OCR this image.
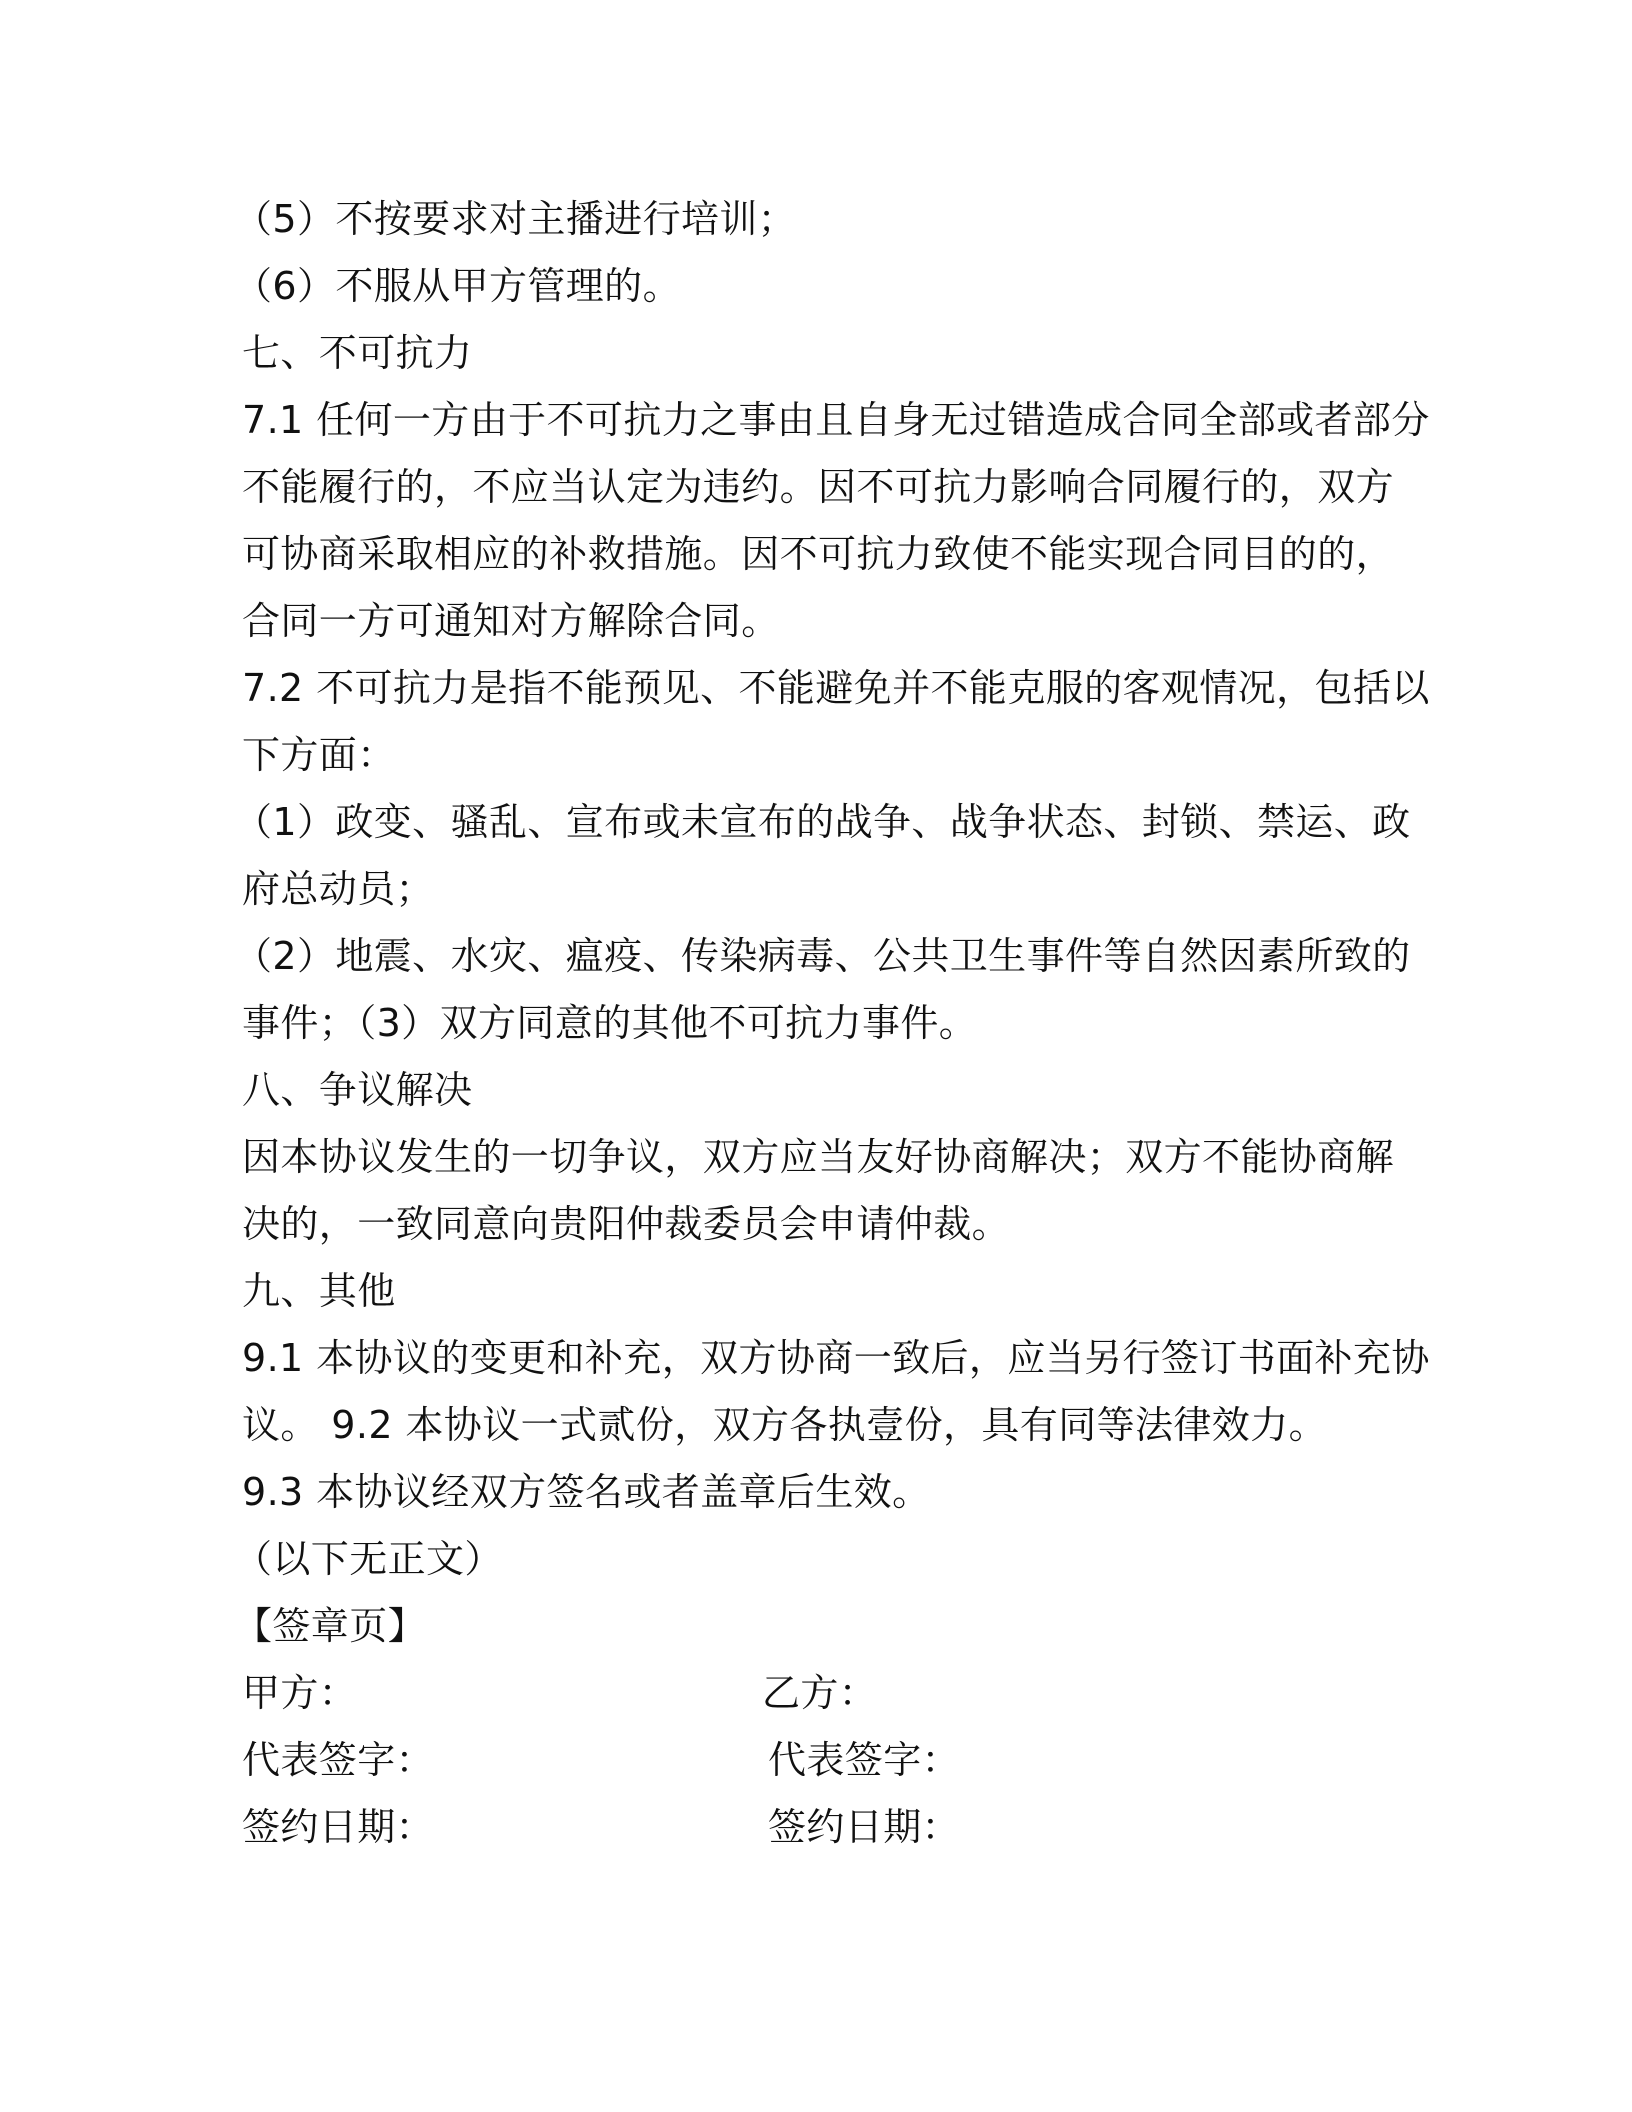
（5）不按要求对主播进行培训；
（6）不服从甲方管理的。
七、不可抗力
7.1 任何一方由于不可抗力之事由且自身无过错造成合同全部或者部分
不能履行的，不应当认定为违约。因不可抗力影响合同履行的，双方
可协商采取相应的补救措施。因不可抗力致使不能实现合同目的的，
合同一方可通知对方解除合同。
7.2 不可抗力是指不能预见、不能避免并不能克服的客观情况，包括以
下方面：
（1）政变、骚乱、宣布或未宣布的战争、战争状态、封锁、禁运、政
府总动员；
（2）地震、水灾、瘟疫、传染病毒、公共卫生事件等自然因素所致的
事件；（3）双方同意的其他不可抗力事件。
八、争议解决
因本协议发生的一切争议，双方应当友好协商解决；双方不能协商解
决的，一致同意向贵阳仲裁委员会申请仲裁。
九、其他
9.1 本协议的变更和补充，双方协商一致后，应当另行签订书面补充协
议。 9.2 本协议一式贰份，双方各执壹份，具有同等法律效力。
9.3 本协议经双方签名或者盖章后生效。
（以下无正文）
【签章页】
甲方：	乙方：
代表签字：	代表签字：
签约日期：	签约日期：
